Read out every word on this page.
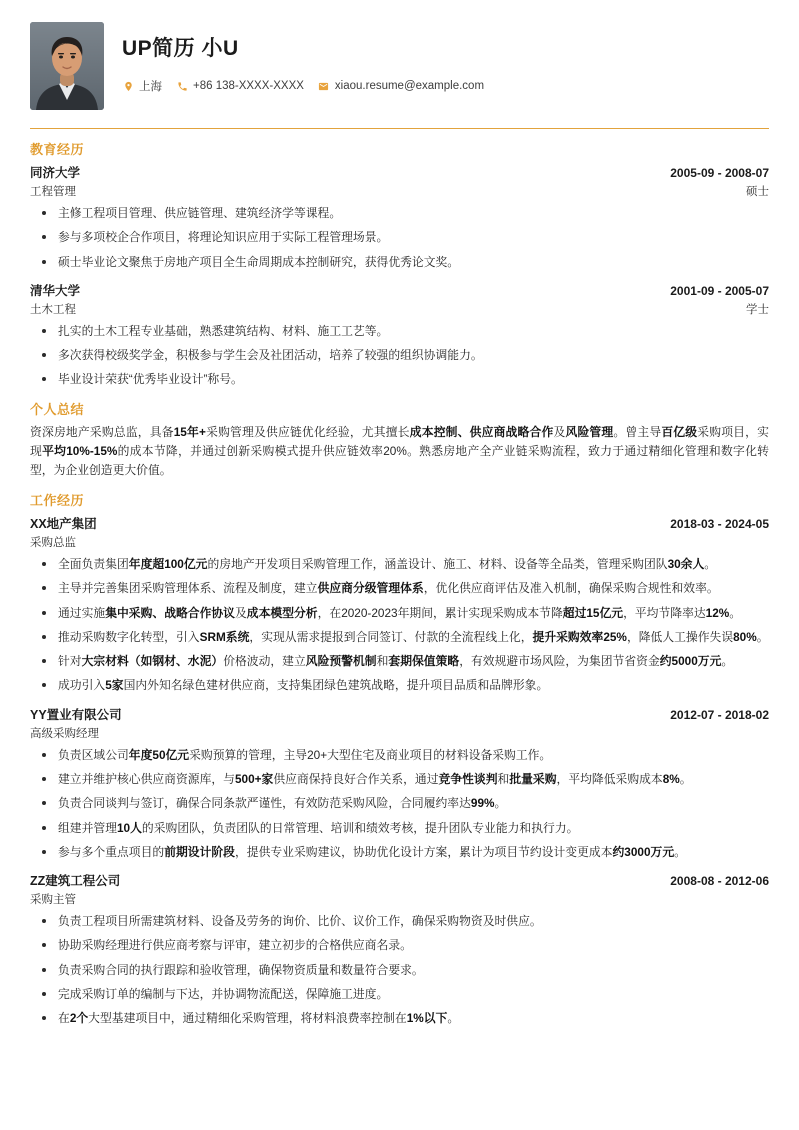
UP简历 小U
上海	+86 138-XXXX-XXXX	xiaou.resume@example.com
教育经历
同济大学	2005-09 - 2008-07
工程管理	硕士
主修工程项目管理、供应链管理、建筑经济学等课程。
参与多项校企合作项目，将理论知识应用于实际工程管理场景。
硕士毕业论文聚焦于房地产项目全生命周期成本控制研究，获得优秀论文奖。
清华大学	2001-09 - 2005-07
土木工程	学士
扎实的土木工程专业基础，熟悉建筑结构、材料、施工工艺等。
多次获得校级奖学金，积极参与学生会及社团活动，培养了较强的组织协调能力。
毕业设计荣获“优秀毕业设计”称号。
个人总结

资深房地产采购总监，具备15年+采购管理及供应链优化经验，尤其擅长成本控制、供应商战略合作及风险管理。曾主导百亿级采购项目，实现平均10%-15%的成本节降，并通过创新采购模式提升供应链效率20%。熟悉房地产全产业链采购流程，致力于通过精细化管理和数字化转型，为企业创造更大价值。

工作经历
XX地产集团	2018-03 - 2024-05
采购总监
全面负责集团年度超100亿元的房地产开发项目采购管理工作，涵盖设计、施工、材料、设备等全品类，管理采购团队30余人。
主导并完善集团采购管理体系、流程及制度，建立供应商分级管理体系，优化供应商评估及准入机制，确保采购合规性和效率。
通过实施集中采购、战略合作协议及成本模型分析，在2020-2023年期间，累计实现采购成本节降超过15亿元，平均节降率达12%。
推动采购数字化转型，引入SRM系统，实现从需求提报到合同签订、付款的全流程线上化，提升采购效率25%，降低人工操作失误80%。
针对大宗材料（如钢材、水泥）价格波动，建立风险预警机制和套期保值策略，有效规避市场风险，为集团节省资金约5000万元。
成功引入5家国内外知名绿色建材供应商，支持集团绿色建筑战略，提升项目品质和品牌形象。
YY置业有限公司	2012-07 - 2018-02
高级采购经理
负责区域公司年度50亿元采购预算的管理，主导20+大型住宅及商业项目的材料设备采购工作。
建立并维护核心供应商资源库，与500+家供应商保持良好合作关系，通过竞争性谈判和批量采购，平均降低采购成本8%。
负责合同谈判与签订，确保合同条款严谨性，有效防范采购风险，合同履约率达99%。
组建并管理10人的采购团队，负责团队的日常管理、培训和绩效考核，提升团队专业能力和执行力。
参与多个重点项目的前期设计阶段，提供专业采购建议，协助优化设计方案，累计为项目节约设计变更成本约3000万元。
ZZ建筑工程公司	2008-08 - 2012-06
采购主管
负责工程项目所需建筑材料、设备及劳务的询价、比价、议价工作，确保采购物资及时供应。
协助采购经理进行供应商考察与评审，建立初步的合格供应商名录。
负责采购合同的执行跟踪和验收管理，确保物资质量和数量符合要求。
完成采购订单的编制与下达，并协调物流配送，保障施工进度。
在2个大型基建项目中，通过精细化采购管理，将材料浪费率控制在1%以下。
